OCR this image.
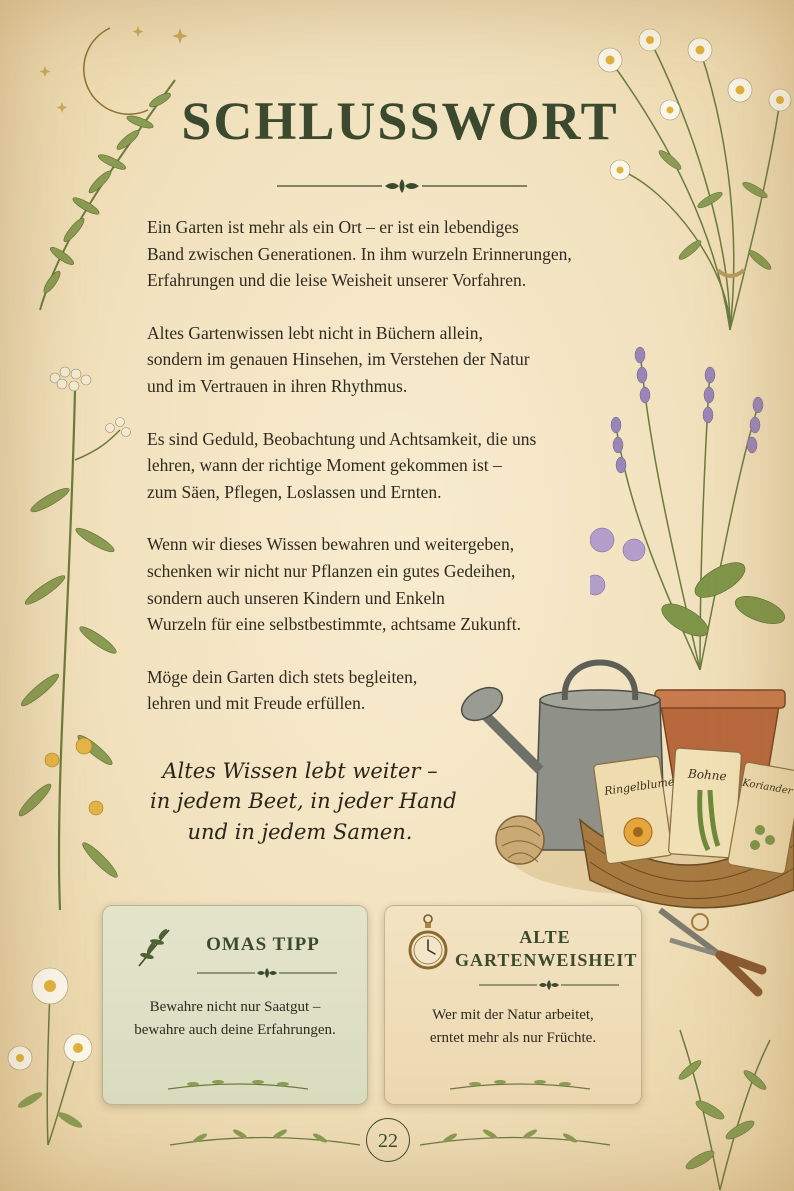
Ringelblume
Bohne
Koriander
SCHLUSSWORT

Ein Garten ist mehr als ein Ort – er ist ein lebendiges
Band zwischen Generationen. In ihm wurzeln Erinnerungen,
Erfahrungen und die leise Weisheit unserer Vorfahren.

Altes Gartenwissen lebt nicht in Büchern allein,
sondern im genauen Hinsehen, im Verstehen der Natur
und im Vertrauen in ihren Rhythmus.

Es sind Geduld, Beobachtung und Achtsamkeit, die uns
lehren, wann der richtige Moment gekommen ist –
zum Säen, Pflegen, Loslassen und Ernten.

Wenn wir dieses Wissen bewahren und weitergeben,
schenken wir nicht nur Pflanzen ein gutes Gedeihen,
sondern auch unseren Kindern und Enkeln
Wurzeln für eine selbstbestimmte, achtsame Zukunft.

Möge dein Garten dich stets begleiten,
lehren und mit Freude erfüllen.

Altes Wissen lebt weiter –
in jedem Beet, in jeder Hand
und in jedem Samen.
OMAS TIPP

Bewahre nicht nur Saatgut –
bewahre auch deine Erfahrungen.

ALTE
GARTENWEISHEIT

Wer mit der Natur arbeitet,
erntet mehr als nur Früchte.

22
